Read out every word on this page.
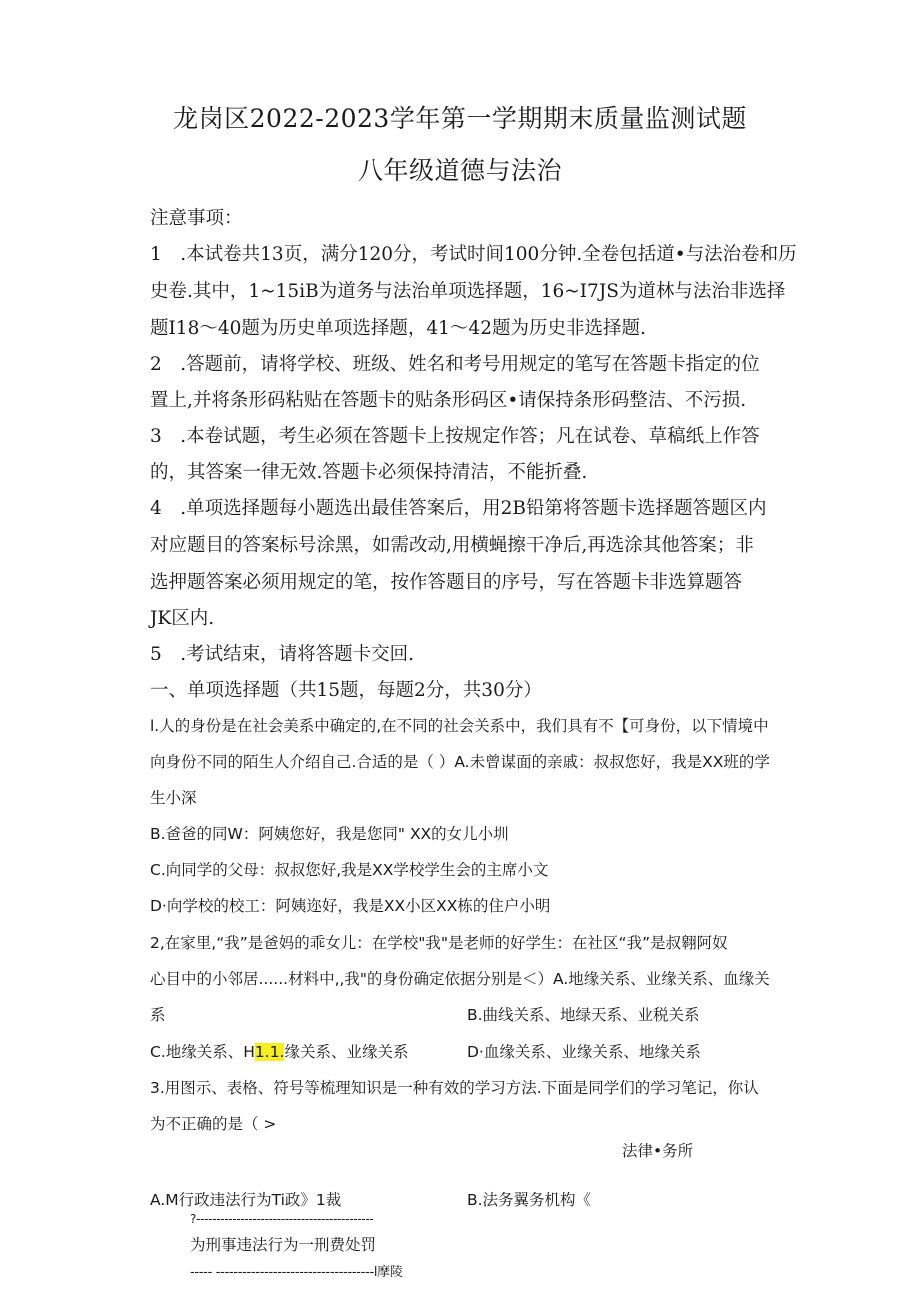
龙岗区2022-2023学年第一学期期末质量监测试题
八年级道德与法治
注意事项：
1　.本试卷共13页，满分120分，考试时间100分钟.全卷包括道•与法治卷和历
史卷.其中，1~15iB为道务与法治单项选择题，16~I7JS为道林与法治非选择
题I18～40题为历史单项选择题，41～42题为历史非选择题.
2　.答题前，请将学校、班级、姓名和考号用规定的笔写在答题卡指定的位
置上,并将条形码粘贴在答题卡的贴条形码区•请保持条形码整洁、不污损.
3　.本卷试题，考生必须在答题卡上按规定作答；凡在试卷、草稿纸上作答
的，其答案一律无效.答题卡必须保持清洁，不能折叠.
4　.单项选择题每小题选出最佳答案后，用2B铅第将答题卡选择题答题区内
对应题目的答案标号涂黑，如需改动,用横蝇擦干净后,再选涂其他答案；非
选押题答案必须用规定的笔，按作答题目的序号，写在答题卡非选算题答
JK区内.
5　.考试结束，请将答题卡交回.
一、单项选择题（共15题，每题2分，共30分）
l.人的身份是在社会美系中确定的,在不同的社会关系中，我们具有不【可身份，以下情境中
向身份不同的陌生人介绍自己.合适的是（ ）A.未曾谋面的亲戚：叔叔您好，我是XX班的学
生小深
B.爸爸的同W：阿姨您好，我是您同" XX的女儿小圳
C.向同学的父母：叔叔您好,我是XX学校学生会的主席小文
D·向学校的校工：阿姨迩好，我是XX小区XX栋的住户小明
2,在家里,“我”是爸妈的乖女儿：在学校"我"是老师的好学生：在社区“我”是叔翱阿奴
心目中的小邻居......材料中,,我"的身份确定依据分别是＜）A.地缘关系、业缘关系、血缘关
系	B.曲线关系、地绿天系、业税关系
C.地缘关系、H1.1.缘关系、业缘关系	D·血缘关系、业缘关系、地缘关系
3.用图示、表格、符号等梳理知识是一种有效的学习方法.下面是同学们的学习笔记，你认
为不正确的是（ >
法律•务所
A.M行政违法行为Ti政》1裁	B.法务翼务机构《
?--------------------------------------------
为刑事违法行为一刑费处罚
----- ------------------------------------l摩陵
